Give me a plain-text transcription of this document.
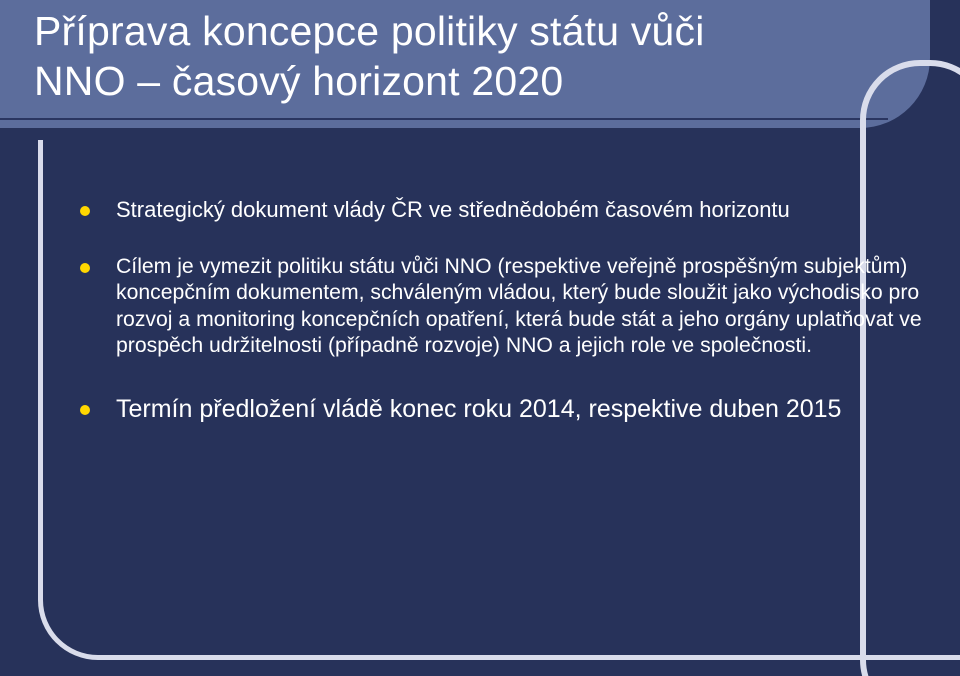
Příprava koncepce politiky státu vůči
NNO – časový horizont 2020
Strategický dokument vlády ČR ve střednědobém časovém horizontu
Cílem je vymezit politiku státu vůči NNO (respektive veřejně prospěšným subjektům) koncepčním dokumentem, schváleným vládou, který bude sloužit jako východisko pro rozvoj a monitoring koncepčních opatření, která bude stát a jeho orgány uplatňovat ve prospěch udržitelnosti (případně rozvoje) NNO a jejich role ve společnosti.
Termín předložení vládě konec roku 2014, respektive duben 2015
